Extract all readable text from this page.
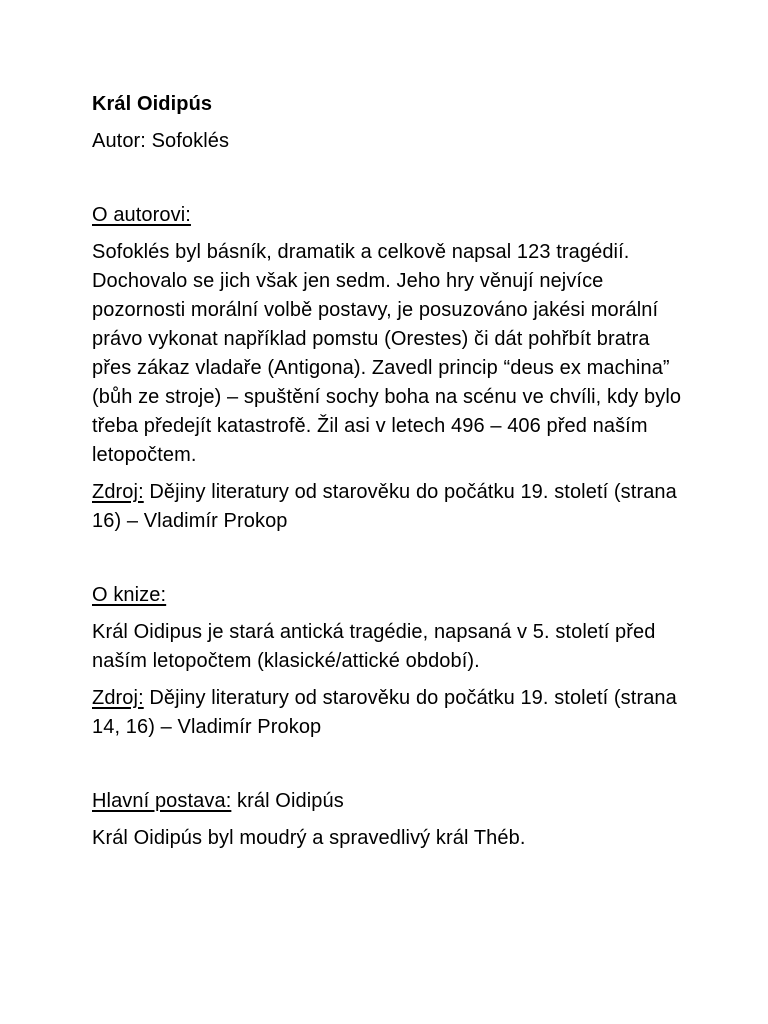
Král Oidipús

Autor: Sofoklés

O autorovi:

Sofoklés byl básník, dramatik a celkově napsal 123 tragédií. Dochovalo se jich však jen sedm. Jeho hry věnují nejvíce pozornosti morální volbě postavy, je posuzováno jakési morální právo vykonat například pomstu (Orestes) či dát pohřbít bratra přes zákaz vladaře (Antigona). Zavedl princip “deus ex machina” (bůh ze stroje) – spuštění sochy boha na scénu ve chvíli, kdy bylo třeba předejít katastrofě. Žil asi v letech 496 – 406 před naším letopočtem.

Zdroj: Dějiny literatury od starověku do počátku 19. století (strana 16) – Vladimír Prokop

O knize:

Král Oidipus je stará antická tragédie, napsaná v 5. století před naším letopočtem (klasické/attické období).

Zdroj: Dějiny literatury od starověku do počátku 19. století (strana 14, 16) – Vladimír Prokop

Hlavní postava: král Oidipús

Král Oidipús byl moudrý a spravedlivý král Théb.
